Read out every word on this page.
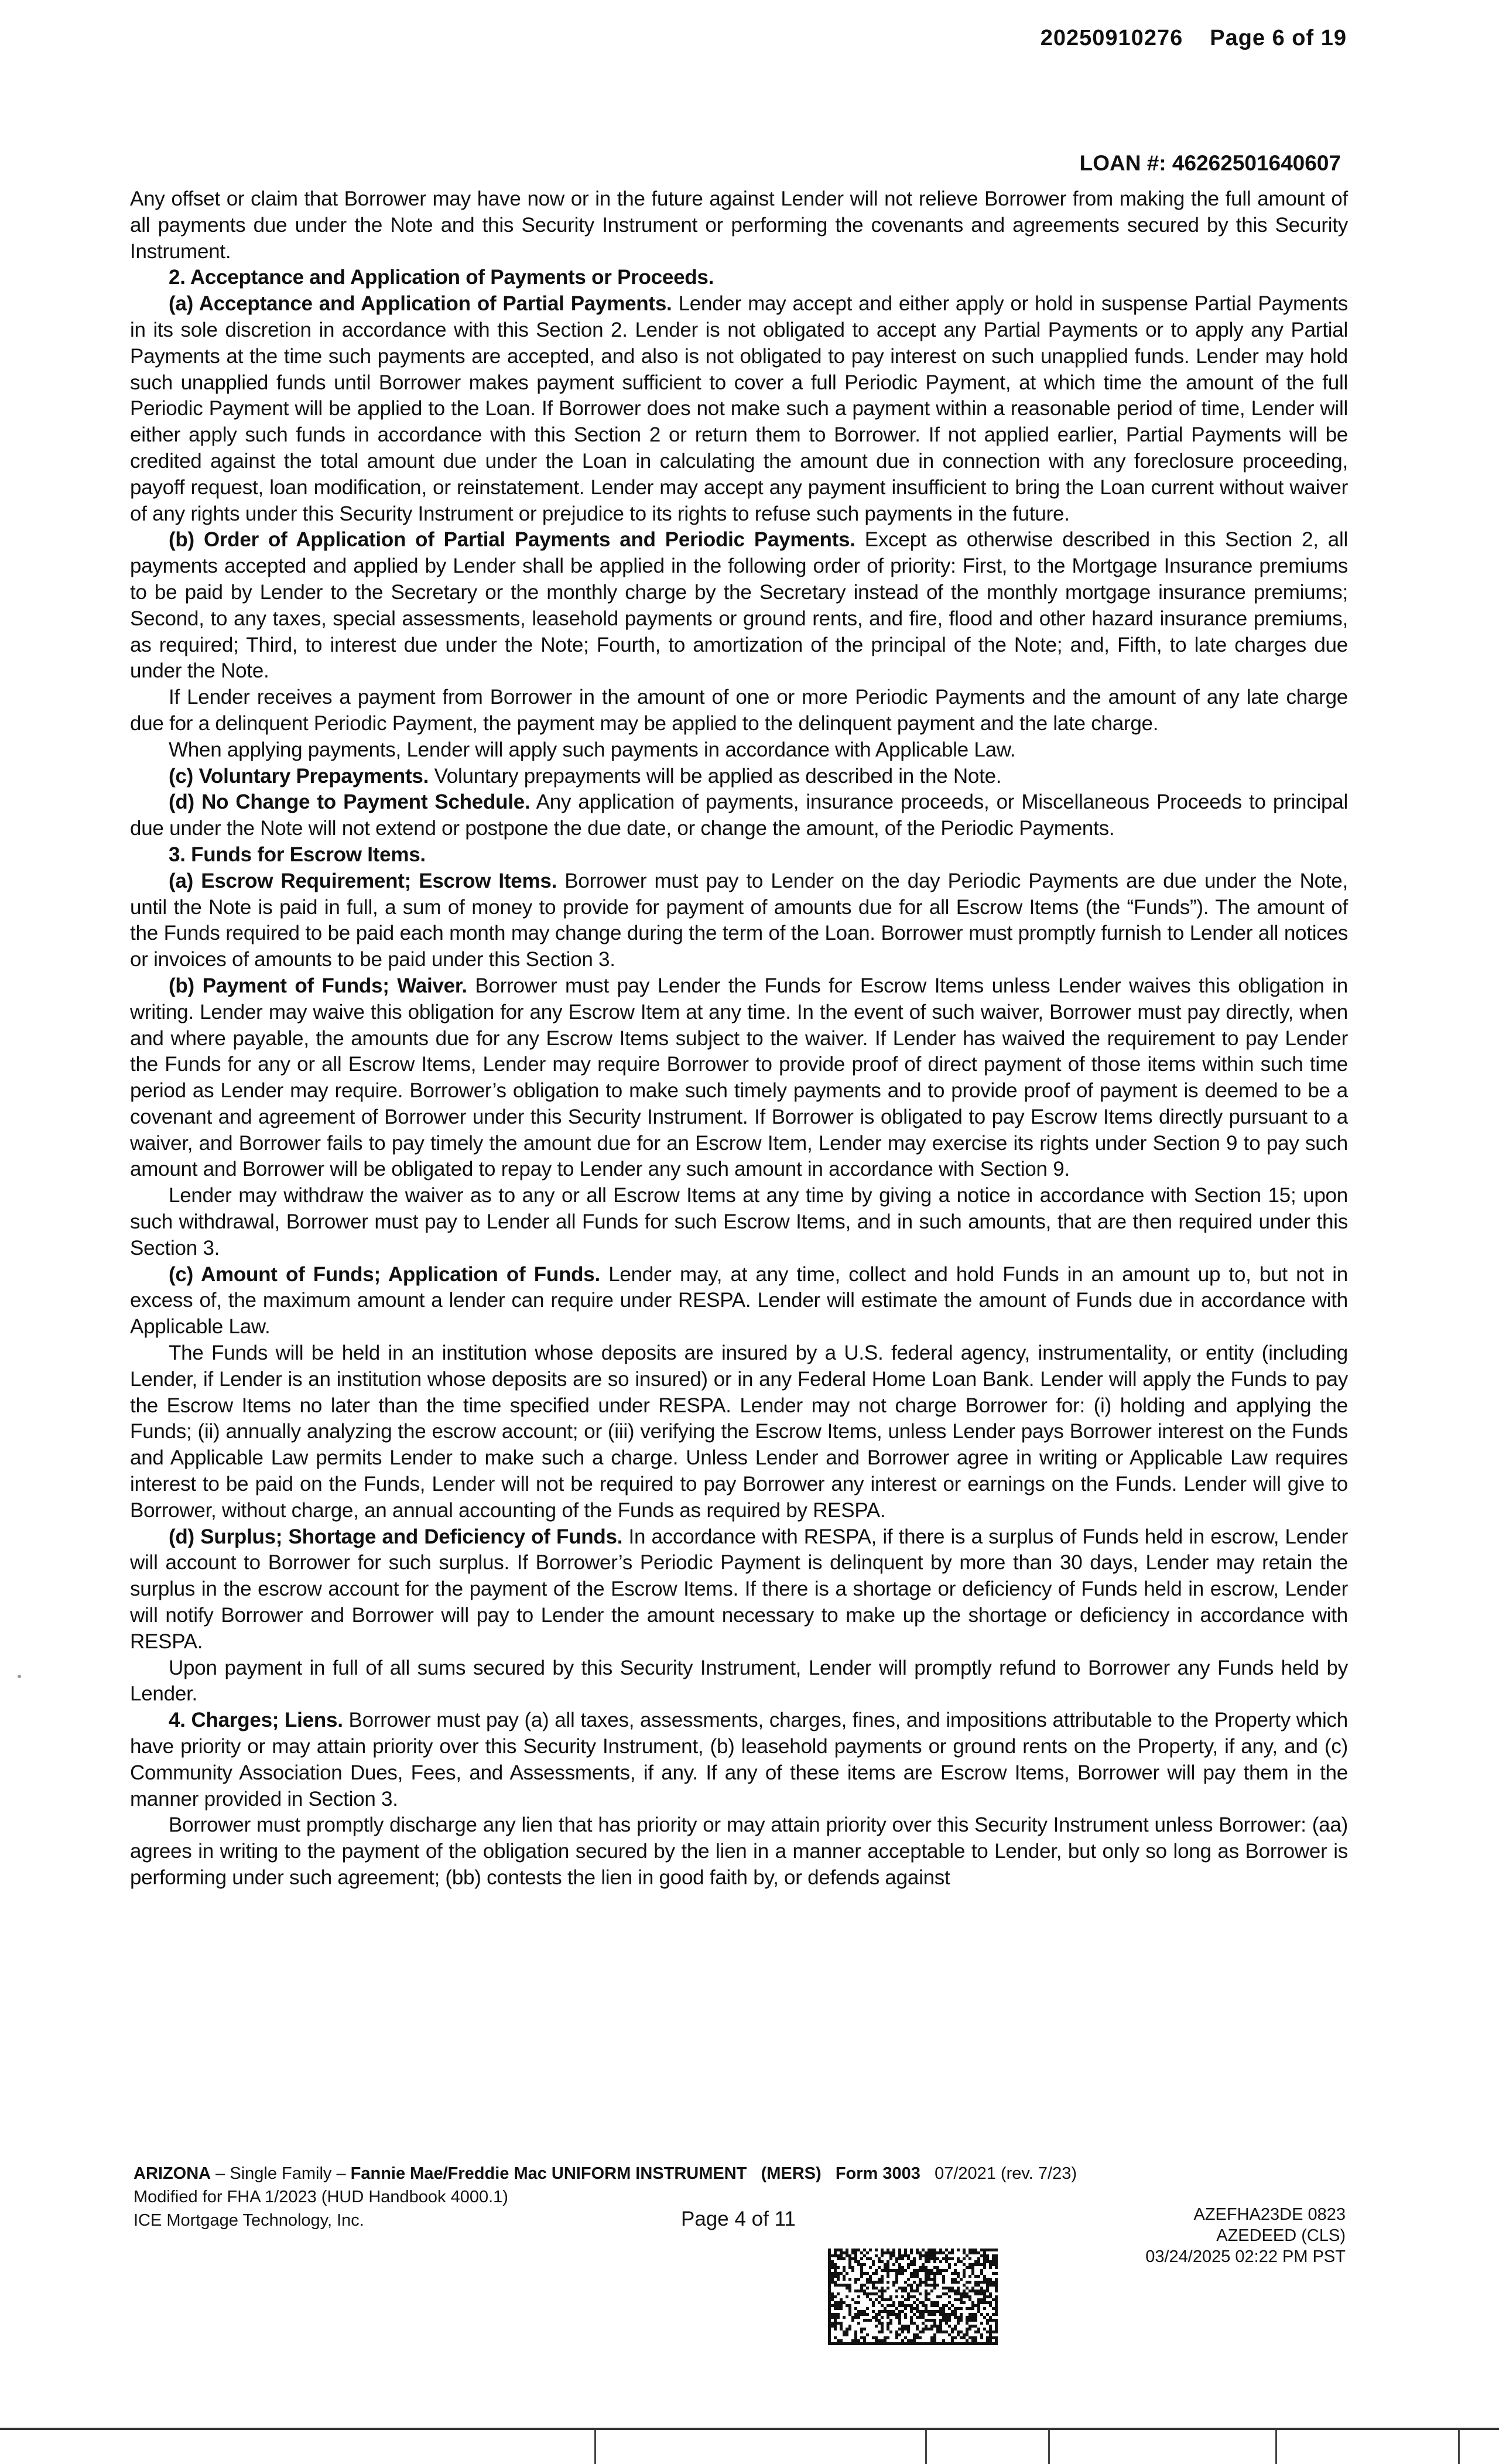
20250910276 Page 6 of 19
LOAN #: 46262501640607

Any offset or claim that Borrower may have now or in the future against Lender will not relieve Borrower from making the full amount of all payments due under the Note and this Security Instrument or performing the covenants and agreements secured by this Security Instrument.

2. Acceptance and Application of Payments or Proceeds.

(a) Acceptance and Application of Partial Payments. Lender may accept and either apply or hold in suspense Partial Payments in its sole discretion in accordance with this Section 2. Lender is not obligated to accept any Partial Payments or to apply any Partial Payments at the time such payments are accepted, and also is not obligated to pay interest on such unapplied funds. Lender may hold such unapplied funds until Borrower makes payment sufficient to cover a full Periodic Payment, at which time the amount of the full Periodic Payment will be applied to the Loan. If Borrower does not make such a payment within a reasonable period of time, Lender will either apply such funds in accordance with this Section 2 or return them to Borrower. If not applied earlier, Partial Payments will be credited against the total amount due under the Loan in calculating the amount due in connection with any foreclosure proceeding, payoff request, loan modification, or reinstatement. Lender may accept any payment insufficient to bring the Loan current without waiver of any rights under this Security Instrument or prejudice to its rights to refuse such payments in the future.

(b) Order of Application of Partial Payments and Periodic Payments. Except as otherwise described in this Section 2, all payments accepted and applied by Lender shall be applied in the following order of priority: First, to the Mortgage Insurance premiums to be paid by Lender to the Secretary or the monthly charge by the Secretary instead of the monthly mortgage insurance premiums; Second, to any taxes, special assessments, leasehold payments or ground rents, and fire, flood and other hazard insurance premiums, as required; Third, to interest due under the Note; Fourth, to amortization of the principal of the Note; and, Fifth, to late charges due under the Note.

If Lender receives a payment from Borrower in the amount of one or more Periodic Payments and the amount of any late charge due for a delinquent Periodic Payment, the payment may be applied to the delinquent payment and the late charge.

When applying payments, Lender will apply such payments in accordance with Applicable Law.

(c) Voluntary Prepayments. Voluntary prepayments will be applied as described in the Note.

(d) No Change to Payment Schedule. Any application of payments, insurance proceeds, or Miscellaneous Proceeds to principal due under the Note will not extend or postpone the due date, or change the amount, of the Periodic Payments.

3. Funds for Escrow Items.

(a) Escrow Requirement; Escrow Items. Borrower must pay to Lender on the day Periodic Payments are due under the Note, until the Note is paid in full, a sum of money to provide for payment of amounts due for all Escrow Items (the “Funds”). The amount of the Funds required to be paid each month may change during the term of the Loan. Borrower must promptly furnish to Lender all notices or invoices of amounts to be paid under this Section 3.

(b) Payment of Funds; Waiver. Borrower must pay Lender the Funds for Escrow Items unless Lender waives this obligation in writing. Lender may waive this obligation for any Escrow Item at any time. In the event of such waiver, Borrower must pay directly, when and where payable, the amounts due for any Escrow Items subject to the waiver. If Lender has waived the requirement to pay Lender the Funds for any or all Escrow Items, Lender may require Borrower to provide proof of direct payment of those items within such time period as Lender may require. Borrower’s obligation to make such timely payments and to provide proof of payment is deemed to be a covenant and agreement of Borrower under this Security Instrument. If Borrower is obligated to pay Escrow Items directly pursuant to a waiver, and Borrower fails to pay timely the amount due for an Escrow Item, Lender may exercise its rights under Section 9 to pay such amount and Borrower will be obligated to repay to Lender any such amount in accordance with Section 9.

Lender may withdraw the waiver as to any or all Escrow Items at any time by giving a notice in accordance with Section 15; upon such withdrawal, Borrower must pay to Lender all Funds for such Escrow Items, and in such amounts, that are then required under this Section 3.

(c) Amount of Funds; Application of Funds. Lender may, at any time, collect and hold Funds in an amount up to, but not in excess of, the maximum amount a lender can require under RESPA. Lender will estimate the amount of Funds due in accordance with Applicable Law.

The Funds will be held in an institution whose deposits are insured by a U.S. federal agency, instrumentality, or entity (including Lender, if Lender is an institution whose deposits are so insured) or in any Federal Home Loan Bank. Lender will apply the Funds to pay the Escrow Items no later than the time specified under RESPA. Lender may not charge Borrower for: (i) holding and applying the Funds; (ii) annually analyzing the escrow account; or (iii) verifying the Escrow Items, unless Lender pays Borrower interest on the Funds and Applicable Law permits Lender to make such a charge. Unless Lender and Borrower agree in writing or Applicable Law requires interest to be paid on the Funds, Lender will not be required to pay Borrower any interest or earnings on the Funds. Lender will give to Borrower, without charge, an annual accounting of the Funds as required by RESPA.

(d) Surplus; Shortage and Deficiency of Funds. In accordance with RESPA, if there is a surplus of Funds held in escrow, Lender will account to Borrower for such surplus. If Borrower’s Periodic Payment is delinquent by more than 30 days, Lender may retain the surplus in the escrow account for the payment of the Escrow Items. If there is a shortage or deficiency of Funds held in escrow, Lender will notify Borrower and Borrower will pay to Lender the amount necessary to make up the shortage or deficiency in accordance with RESPA.

Upon payment in full of all sums secured by this Security Instrument, Lender will promptly refund to Borrower any Funds held by Lender.

4. Charges; Liens. Borrower must pay (a) all taxes, assessments, charges, fines, and impositions attributable to the Property which have priority or may attain priority over this Security Instrument, (b) leasehold payments or ground rents on the Property, if any, and (c) Community Association Dues, Fees, and Assessments, if any. If any of these items are Escrow Items, Borrower will pay them in the manner provided in Section 3.

Borrower must promptly discharge any lien that has priority or may attain priority over this Security Instrument unless Borrower: (aa) agrees in writing to the payment of the obligation secured by the lien in a manner acceptable to Lender, but only so long as Borrower is performing under such agreement; (bb) contests the lien in good faith by, or defends against

ARIZONA – Single Family – Fannie Mae/Freddie Mac UNIFORM INSTRUMENT (MERS) Form 3003 07/2021 (rev. 7/23)
Modified for FHA 1/2023 (HUD Handbook 4000.1)
ICE Mortgage Technology, Inc.	Page 4 of 11	AZEFHA23DE 0823
AZEDEED (CLS)
03/24/2025 02:22 PM PST
